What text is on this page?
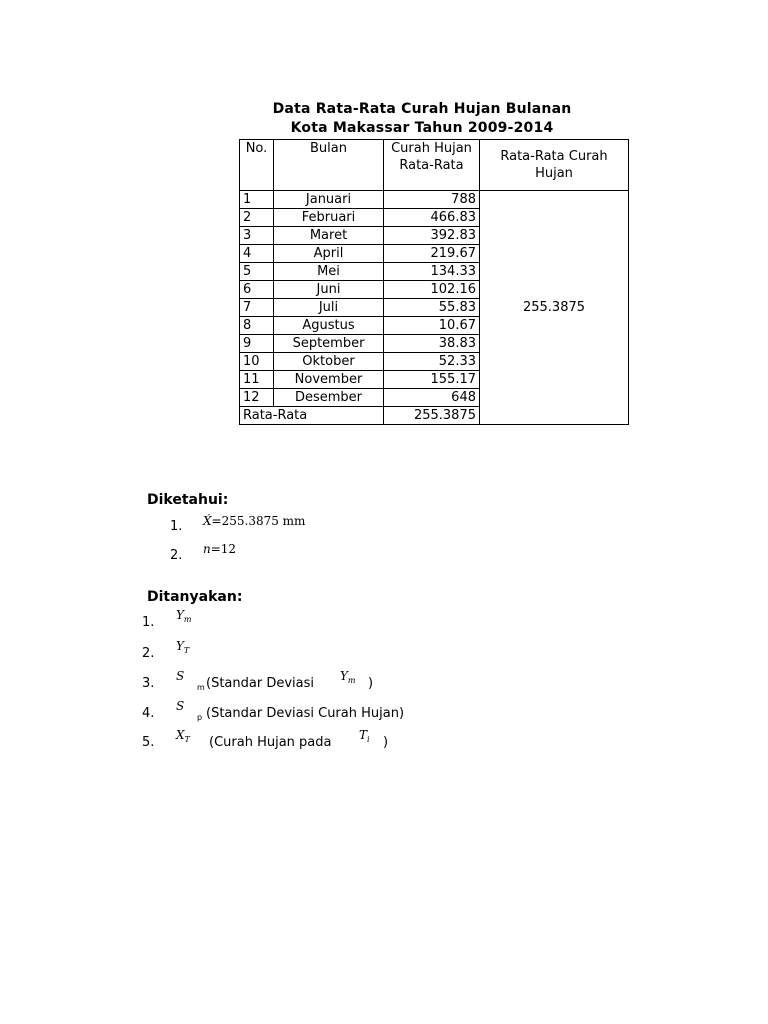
Data Rata-Rata Curah Hujan Bulanan
Kota Makassar Tahun 2009-2014
No.	Bulan	Curah Hujan Rata-Rata	Rata-Rata Curah Hujan
1	Januari	788	255.3875
2	Februari	466.83	
3	Maret	392.83	
4	April	219.67	
5	Mei	134.33	
6	Juni	102.16	
7	Juli	55.83	
8	Agustus	10.67	
9	September	38.83	
10	Oktober	52.33	
11	November	155.17	
12	Desember	648	
Rata-Rata		255.3875	
Diketahui:
1. X́=255.3875 mm
2. n=12
Ditanyakan:
1. $Y_m$
2. $Y_T$
3. S
m (Standar Deviasi $Y_m$ )
4. S
p (Standar Deviasi Curah Hujan)
5. $X_T$ (Curah Hujan pada $T_i$ )
